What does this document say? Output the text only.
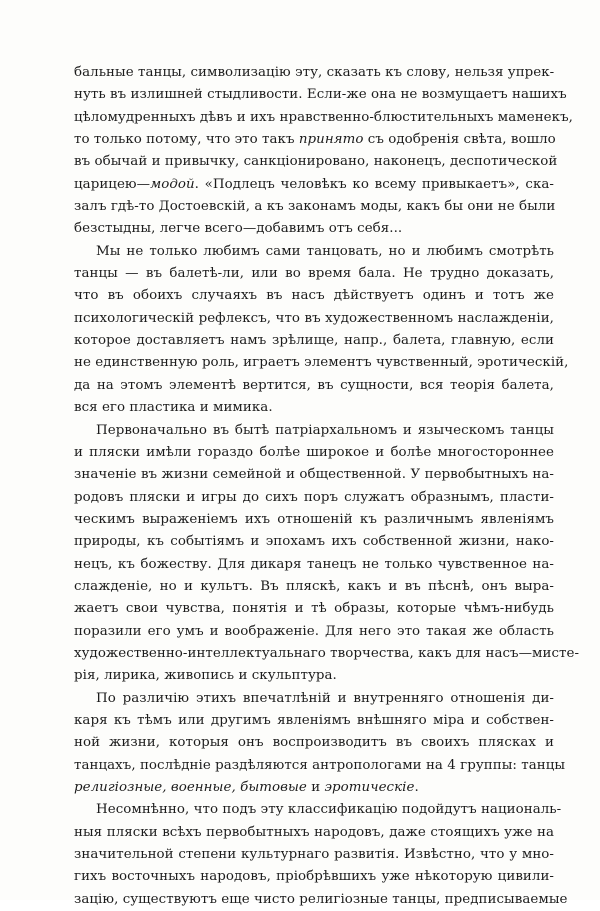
бальные танцы, символизацію эту, сказать къ слову, нельзя упрек-
нуть въ излишней стыдливости. Если-же она не возмущаетъ нашихъ
цѣломудренныхъ дѣвъ и ихъ нравственно-блюстительныхъ маменекъ,
то только потому, что это такъ принято съ одобренія свѣта, вошло
въ обычай и привычку, санкціонировано, наконецъ, деспотической
царицею—модой. «Подлецъ человѣкъ ко всему привыкаетъ», ска-
залъ гдѣ-то Достоевскій, а къ законамъ моды, какъ бы они не были
безстыдны, легче всего—добавимъ отъ себя...
Мы не только любимъ сами танцовать, но и любимъ смотрѣть
танцы — въ балетѣ-ли, или во время бала. Не трудно доказать,
что въ обоихъ случаяхъ въ насъ дѣйствуетъ одинъ и тотъ же
психологическій рефлексъ, что въ художественномъ наслажденіи,
которое доставляетъ намъ зрѣлище, напр., балета, главную, если
не единственную роль, играетъ элементъ чувственный, эротическій,
да на этомъ элементѣ вертится, въ сущности, вся теорія балета,
вся его пластика и мимика.
Первоначально въ бытѣ патріархальномъ и языческомъ танцы
и пляски имѣли гораздо болѣе широкое и болѣе многостороннее
значеніе въ жизни семейной и общественной. У первобытныхъ на-
родовъ пляски и игры до сихъ поръ служатъ образнымъ, пласти-
ческимъ выраженіемъ ихъ отношеній къ различнымъ явленіямъ
природы, къ событіямъ и эпохамъ ихъ собственной жизни, нако-
нецъ, къ божеству. Для дикаря танецъ не только чувственное на-
слажденіе, но и культъ. Въ пляскѣ, какъ и въ пѣснѣ, онъ выра-
жаетъ свои чувства, понятія и тѣ образы, которые чѣмъ-нибудь
поразили его умъ и воображеніе. Для него это такая же область
художественно-интеллектуальнаго творчества, какъ для насъ—мисте-
рія, лирика, живопись и скульптура.
По различію этихъ впечатлѣній и внутренняго отношенія ди-
каря къ тѣмъ или другимъ явленіямъ внѣшняго міра и собствен-
ной жизни, которыя онъ воспроизводитъ въ своихъ плясках и
танцахъ, послѣдніе раздѣляются антропологами на 4 группы: танцы
религіозные, военные, бытовые и эротическіе.
Несомнѣнно, что подъ эту классификацію подойдутъ националь-
ныя пляски всѣхъ первобытныхъ народовъ, даже стоящихъ уже на
значительной степени культурнаго развитія. Извѣстно, что у мно-
гихъ восточныхъ народовъ, пріобрѣвшихъ уже нѣкоторую цивили-
зацію, существуютъ еще чисто религіозные танцы, предписываемые
